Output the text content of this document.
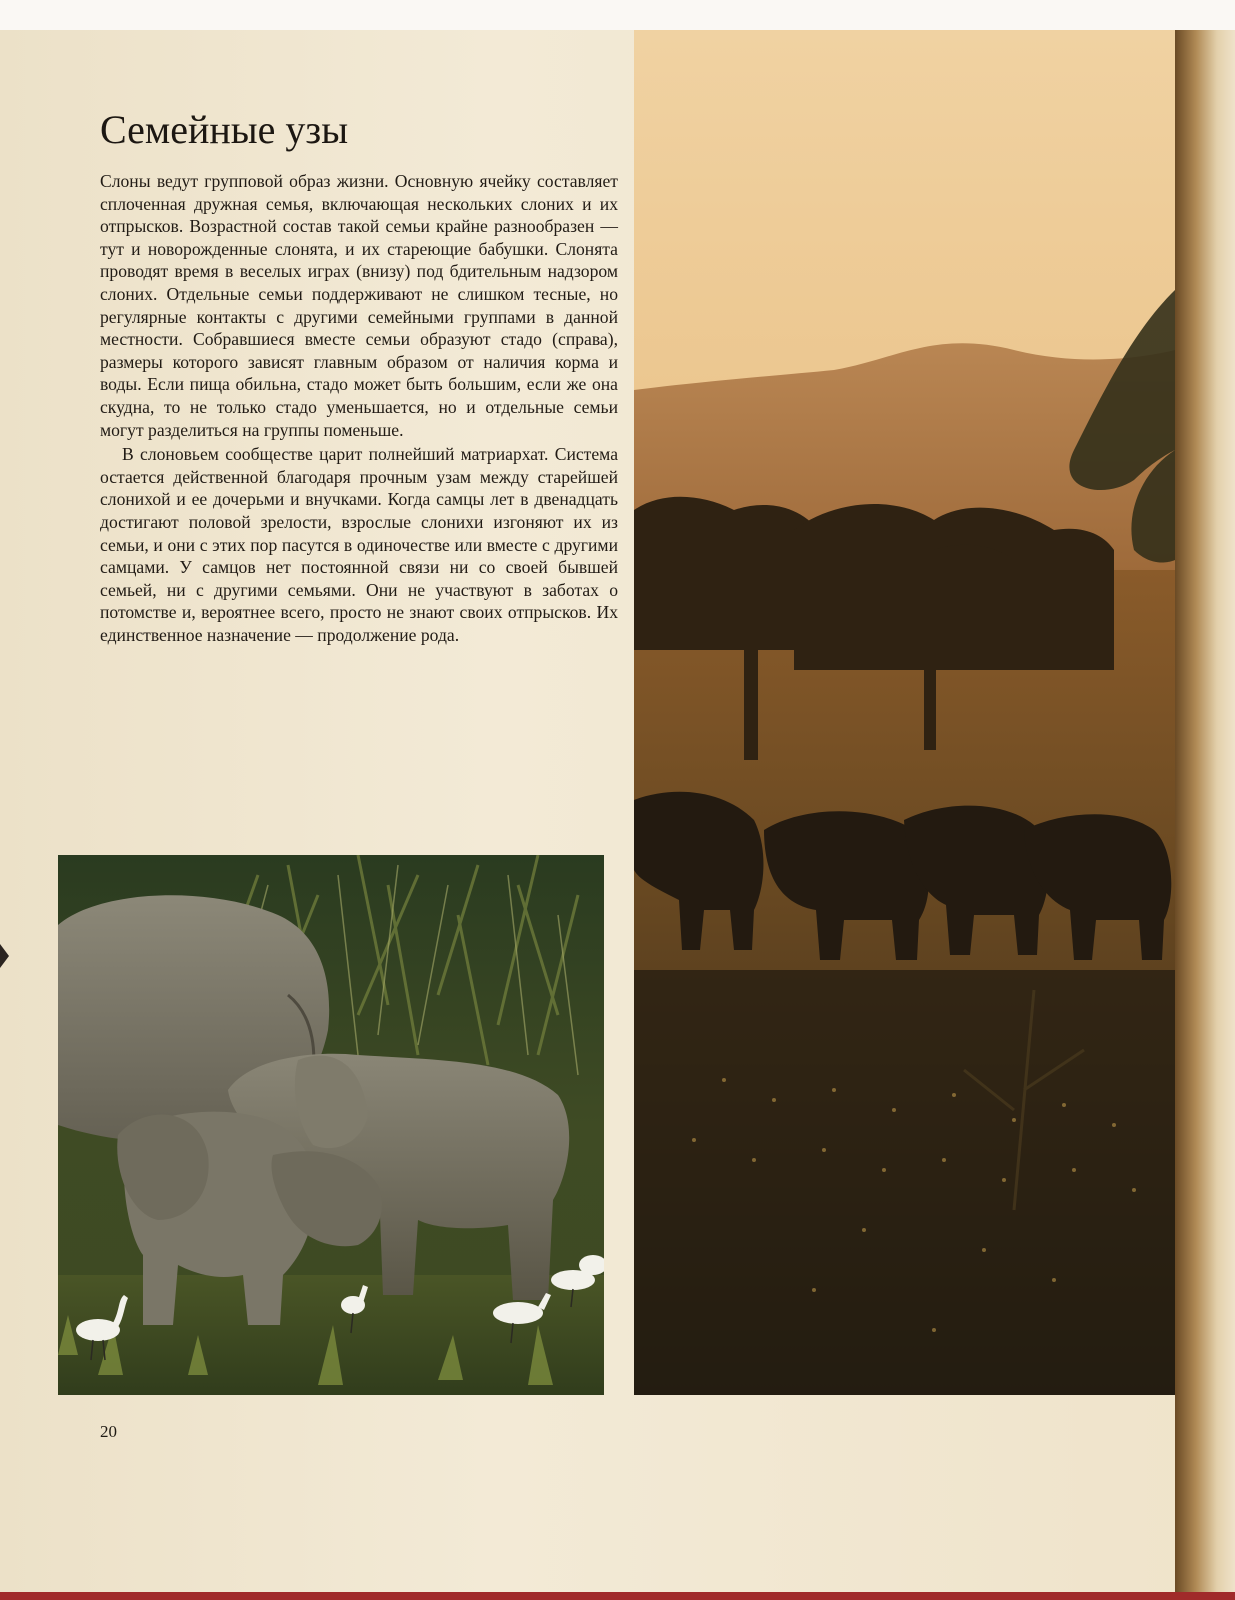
Семейные узы

Слоны ведут групповой образ жизни. Основную ячейку составляет сплоченная дружная семья, включающая нескольких слоних и их отпрысков. Возрастной состав такой семьи крайне разнообразен — тут и новорожденные слонята, и их стареющие бабушки. Слонята проводят время в веселых играх (внизу) под бдительным надзором слоних. Отдельные семьи поддерживают не слишком тесные, но регулярные контакты с другими семейными группами в данной местности. Собравшиеся вместе семьи образуют стадо (справа), размеры которого зависят главным образом от наличия корма и воды. Если пища обильна, стадо может быть большим, если же она скудна, то не только стадо уменьшается, но и отдельные семьи могут разделиться на группы поменьше.

В слоновьем сообществе царит полнейший матриархат. Система остается действенной благодаря прочным узам между старейшей слонихой и ее дочерьми и внучками. Когда самцы лет в двенадцать достигают половой зрелости, взрослые слонихи изгоняют их из семьи, и они с этих пор пасутся в одиночестве или вместе с другими самцами. У самцов нет постоянной связи ни со своей бывшей семьей, ни с другими семьями. Они не участвуют в заботах о потомстве и, вероятнее всего, просто не знают своих отпрысков. Их единственное назначение — продолжение рода.

20
